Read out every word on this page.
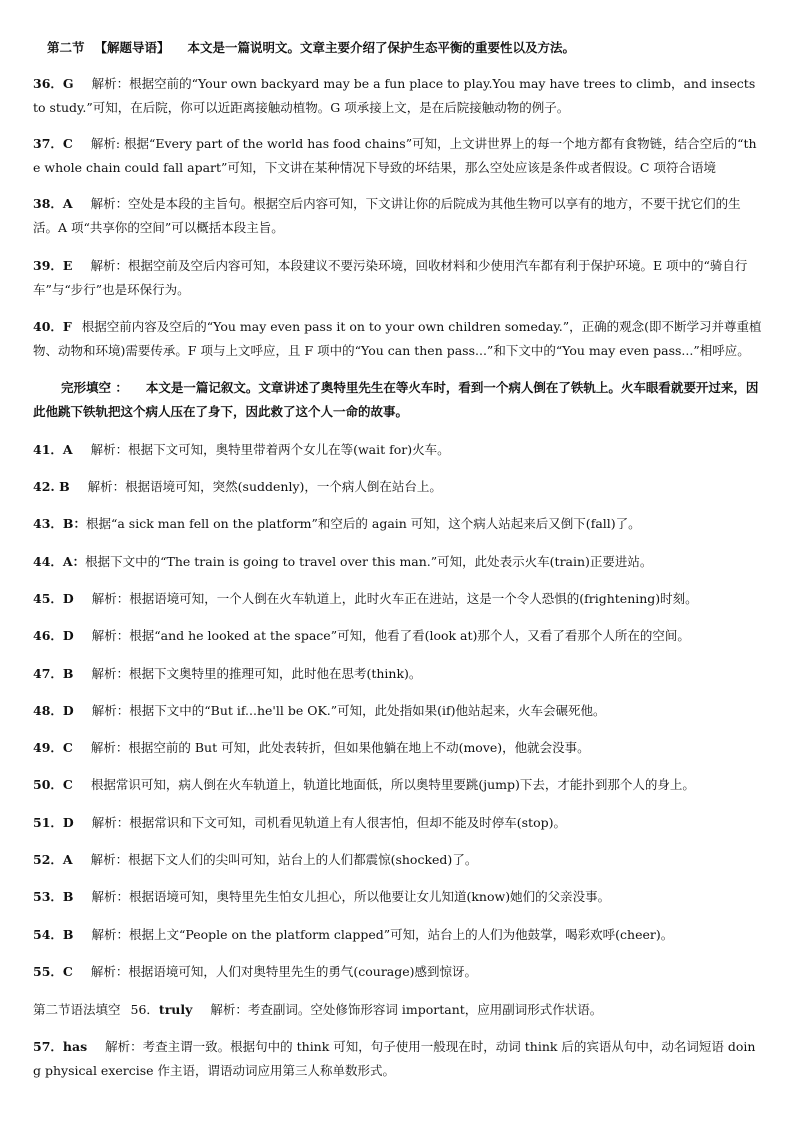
第二节 【解题导语】 本文是一篇说明文。文章主要介绍了保护生态平衡的重要性以及方法。

36．G 解析：根据空前的“Your own backyard may be a fun place to play.You may have trees to climb，and insects to study.”可知，在后院，你可以近距离接触动植物。G 项承接上文，是在后院接触动物的例子。

37．C 解析: 根据“Every part of the world has food chains”可知，上文讲世界上的每一个地方都有食物链，结合空后的“the whole chain could fall apart”可知，下文讲在某种情况下导致的坏结果，那么空处应该是条件或者假设。C 项符合语境

38．A 解析：空处是本段的主旨句。根据空后内容可知，下文讲让你的后院成为其他生物可以享有的地方，不要干扰它们的生活。A 项“共享你的空间”可以概括本段主旨。

39．E 解析：根据空前及空后内容可知，本段建议不要污染环境，回收材料和少使用汽车都有利于保护环境。E 项中的“骑自行车”与“步行”也是环保行为。

40．F 根据空前内容及空后的“You may even pass it on to your own children someday.”，正确的观念(即不断学习并尊重植物、动物和环境)需要传承。F 项与上文呼应，且 F 项中的“You can then pass...”和下文中的“You may even pass...”相呼应。

完形填空 ： 本文是一篇记叙文。文章讲述了奥特里先生在等火车时，看到一个病人倒在了铁轨上。火车眼看就要开过来，因此他跳下铁轨把这个病人压在了身下，因此救了这个人一命的故事。

41．A 解析：根据下文可知，奥特里带着两个女儿在等(wait for)火车。

42. B 解析：根据语境可知，突然(suddenly)，一个病人倒在站台上。

43．B：根据“a sick man fell on the platform”和空后的 again 可知，这个病人站起来后又倒下(fall)了。

44．A：根据下文中的“The train is going to travel over this man.”可知，此处表示火车(train)正要进站。

45．D 解析：根据语境可知，一个人倒在火车轨道上，此时火车正在进站，这是一个令人恐惧的(frightening)时刻。

46．D 解析：根据“and he looked at the space”可知，他看了看(look at)那个人，又看了看那个人所在的空间。

47．B 解析：根据下文奥特里的推理可知，此时他在思考(think)。

48．D 解析：根据下文中的“But if...he'll be OK.”可知，此处指如果(if)他站起来，火车会碾死他。

49．C 解析：根据空前的 But 可知，此处表转折，但如果他躺在地上不动(move)，他就会没事。

50．C 根据常识可知，病人倒在火车轨道上，轨道比地面低，所以奥特里要跳(jump)下去，才能扑到那个人的身上。

51．D 解析：根据常识和下文可知，司机看见轨道上有人很害怕，但却不能及时停车(stop)。

52．A 解析：根据下文人们的尖叫可知，站台上的人们都震惊(shocked)了。

53．B 解析：根据语境可知，奥特里先生怕女儿担心，所以他要让女儿知道(know)她们的父亲没事。

54．B 解析：根据上文“People on the platform clapped”可知，站台上的人们为他鼓掌，喝彩欢呼(cheer)。

55．C 解析：根据语境可知，人们对奥特里先生的勇气(courage)感到惊讶。

第二节语法填空 56．truly 解析：考查副词。空处修饰形容词 important，应用副词形式作状语。

57．has 解析：考查主谓一致。根据句中的 think 可知，句子使用一般现在时，动词 think 后的宾语从句中，动名词短语 doing physical exercise 作主语，谓语动词应用第三人称单数形式。
